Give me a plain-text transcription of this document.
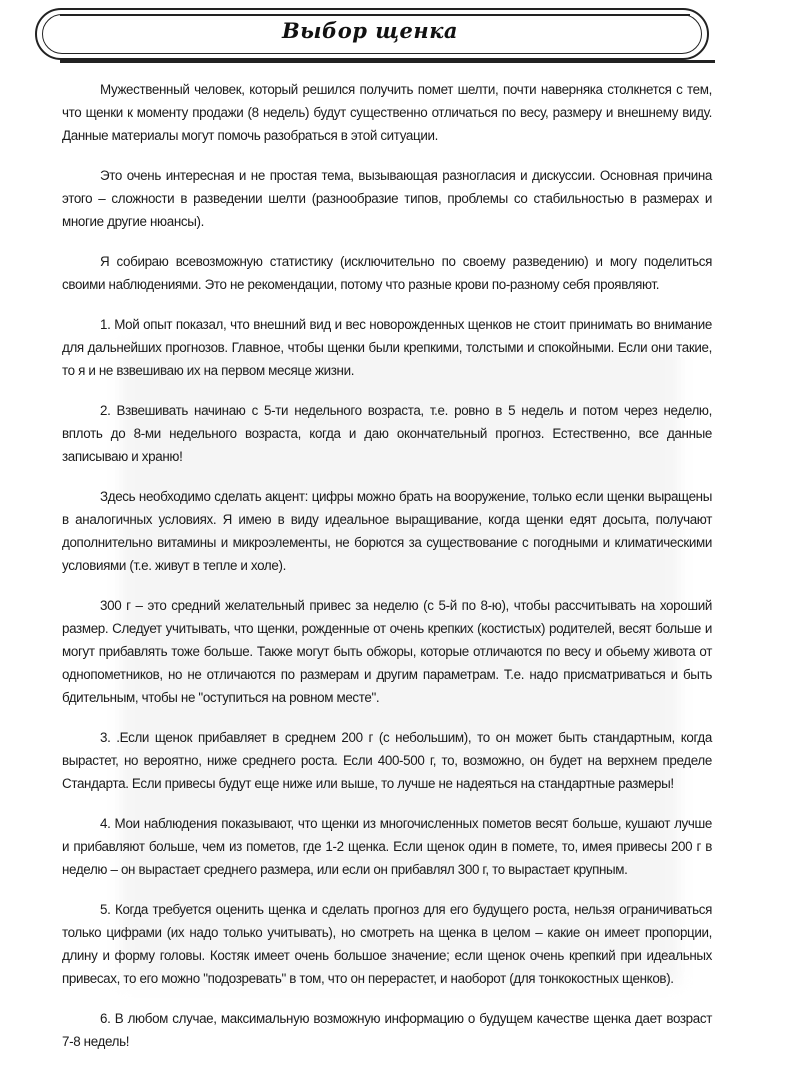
Выбор щенка

Мужественный человек, который решился получить помет шелти, почти наверняка столкнется с тем, что щенки к моменту продажи (8 недель) будут существенно отличаться по весу, размеру и внешнему виду. Данные материалы могут помочь разобраться в этой ситуации.

Это очень интересная и не простая тема, вызывающая разногласия и дискуссии. Основная причина этого – сложности в разведении шелти (разнообразие типов, проблемы со стабильностью в размерах и многие другие нюансы).

Я собираю всевозможную статистику (исключительно по своему разведению) и могу поделиться своими наблюдениями. Это не рекомендации, потому что разные крови по-разному себя проявляют.

1. Мой опыт показал, что внешний вид и вес новорожденных щенков не стоит принимать во внимание для дальнейших прогнозов. Главное, чтобы щенки были крепкими, толстыми и спокойными. Если они такие, то я и не взвешиваю их на первом месяце жизни.

2. Взвешивать начинаю с 5-ти недельного возраста, т.е. ровно в 5 недель и потом через неделю, вплоть до 8-ми недельного возраста, когда и даю окончательный прогноз. Естественно, все данные записываю и храню!

Здесь необходимо сделать акцент: цифры можно брать на вооружение, только если щенки выращены в аналогичных условиях. Я имею в виду идеальное выращивание, когда щенки едят досыта, получают дополнительно витамины и микроэлементы, не борются за существование с погодными и климатическими условиями (т.е. живут в тепле и холе).

300 г – это средний желательный привес за неделю (с 5-й по 8-ю), чтобы рассчитывать на хороший размер. Следует учитывать, что щенки, рожденные от очень крепких (костистых) родителей, весят больше и могут прибавлять тоже больше. Также могут быть обжоры, которые отличаются по весу и обьему живота от однопометников, но не отличаются по размерам и другим параметрам. Т.е. надо присматриваться и быть бдительным, чтобы не "оступиться на ровном месте".

3. .Если щенок прибавляет в среднем 200 г (с небольшим), то он может быть стандартным, когда вырастет, но вероятно, ниже среднего роста. Если 400-500 г, то, возможно, он будет на верхнем пределе Стандарта. Если привесы будут еще ниже или выше, то лучше не надеяться на стандартные размеры!

4. Мои наблюдения показывают, что щенки из многочисленных пометов весят больше, кушают лучше и прибавляют больше, чем из пометов, где 1-2 щенка. Если щенок один в помете, то, имея привесы 200 г в неделю – он вырастает среднего размера, или если он прибавлял 300 г, то вырастает крупным.

5. Когда требуется оценить щенка и сделать прогноз для его будущего роста, нельзя ограничиваться только цифрами (их надо только учитывать), но смотреть на щенка в целом – какие он имеет пропорции, длину и форму головы. Костяк имеет очень большое значение; если щенок очень крепкий при идеальных привесах, то его можно "подозревать" в том, что он перерастет, и наоборот (для тонкокостных щенков).

6. В любом случае, максимальную возможную информацию о будущем качестве щенка дает возраст 7-8 недель!
